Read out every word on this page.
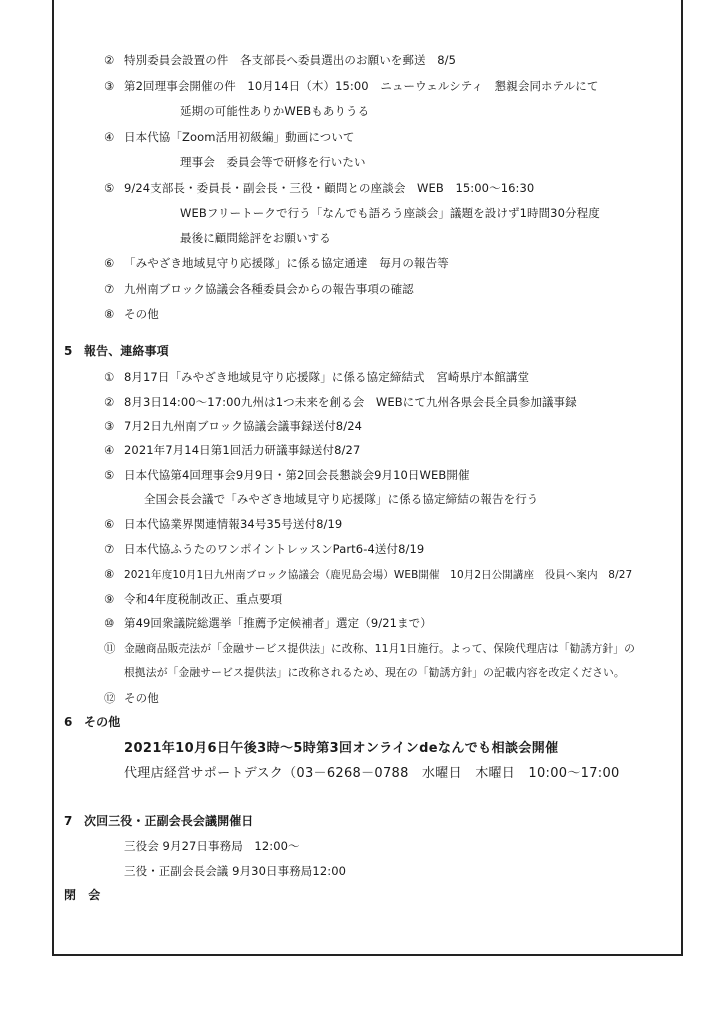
② 特別委員会設置の件　各支部長へ委員選出のお願いを郵送　8/5
③ 第2回理事会開催の件　10月14日（木）15:00　ニューウェルシティ　懇親会同ホテルにて
延期の可能性ありかWEBもありうる
④ 日本代協「Zoom活用初級編」動画について
理事会　委員会等で研修を行いたい
⑤ 9/24支部長・委員長・副会長・三役・顧問との座談会　WEB　15:00～16:30
WEBフリートークで行う「なんでも語ろう座談会」議題を設けず1時間30分程度
最後に顧問総評をお願いする
⑥ 「みやざき地域見守り応援隊」に係る協定通達　毎月の報告等
⑦ 九州南ブロック協議会各種委員会からの報告事項の確認
⑧ その他
5 報告、連絡事項
① 8月17日「みやざき地域見守り応援隊」に係る協定締結式　宮崎県庁本館講堂
② 8月3日14:00～17:00九州は1つ未来を創る会　WEBにて九州各県会長全員参加議事録
③ 7月2日九州南ブロック協議会議事録送付8/24
④ 2021年7月14日第1回活力研議事録送付8/27
⑤ 日本代協第4回理事会9月9日・第2回会長懇談会9月10日WEB開催
全国会長会議で「みやざき地域見守り応援隊」に係る協定締結の報告を行う
⑥ 日本代協業界関連情報34号35号送付8/19
⑦ 日本代協ふうたのワンポイントレッスンPart6-4送付8/19
⑧ 2021年度10月1日九州南ブロック協議会（鹿児島会場）WEB開催　10月2日公開講座　役員へ案内　8/27
⑨ 令和4年度税制改正、重点要項
⑩ 第49回衆議院総選挙「推薦予定候補者」選定（9/21まで）
⑪ 金融商品販売法が「金融サービス提供法」に改称、11月1日施行。よって、保険代理店は「勧誘方針」の
根拠法が「金融サービス提供法」に改称されるため、現在の「勧誘方針」の記載内容を改定ください。
⑫ その他
6 その他
2021年10月6日午後3時～5時第3回オンラインdeなんでも相談会開催
代理店経営サポートデスク（03－6268－0788　水曜日　木曜日　10:00～17:00
7 次回三役・正副会長会議開催日
三役会 9月27日事務局　12:00～
三役・正副会長会議 9月30日事務局12:00
閉　会
